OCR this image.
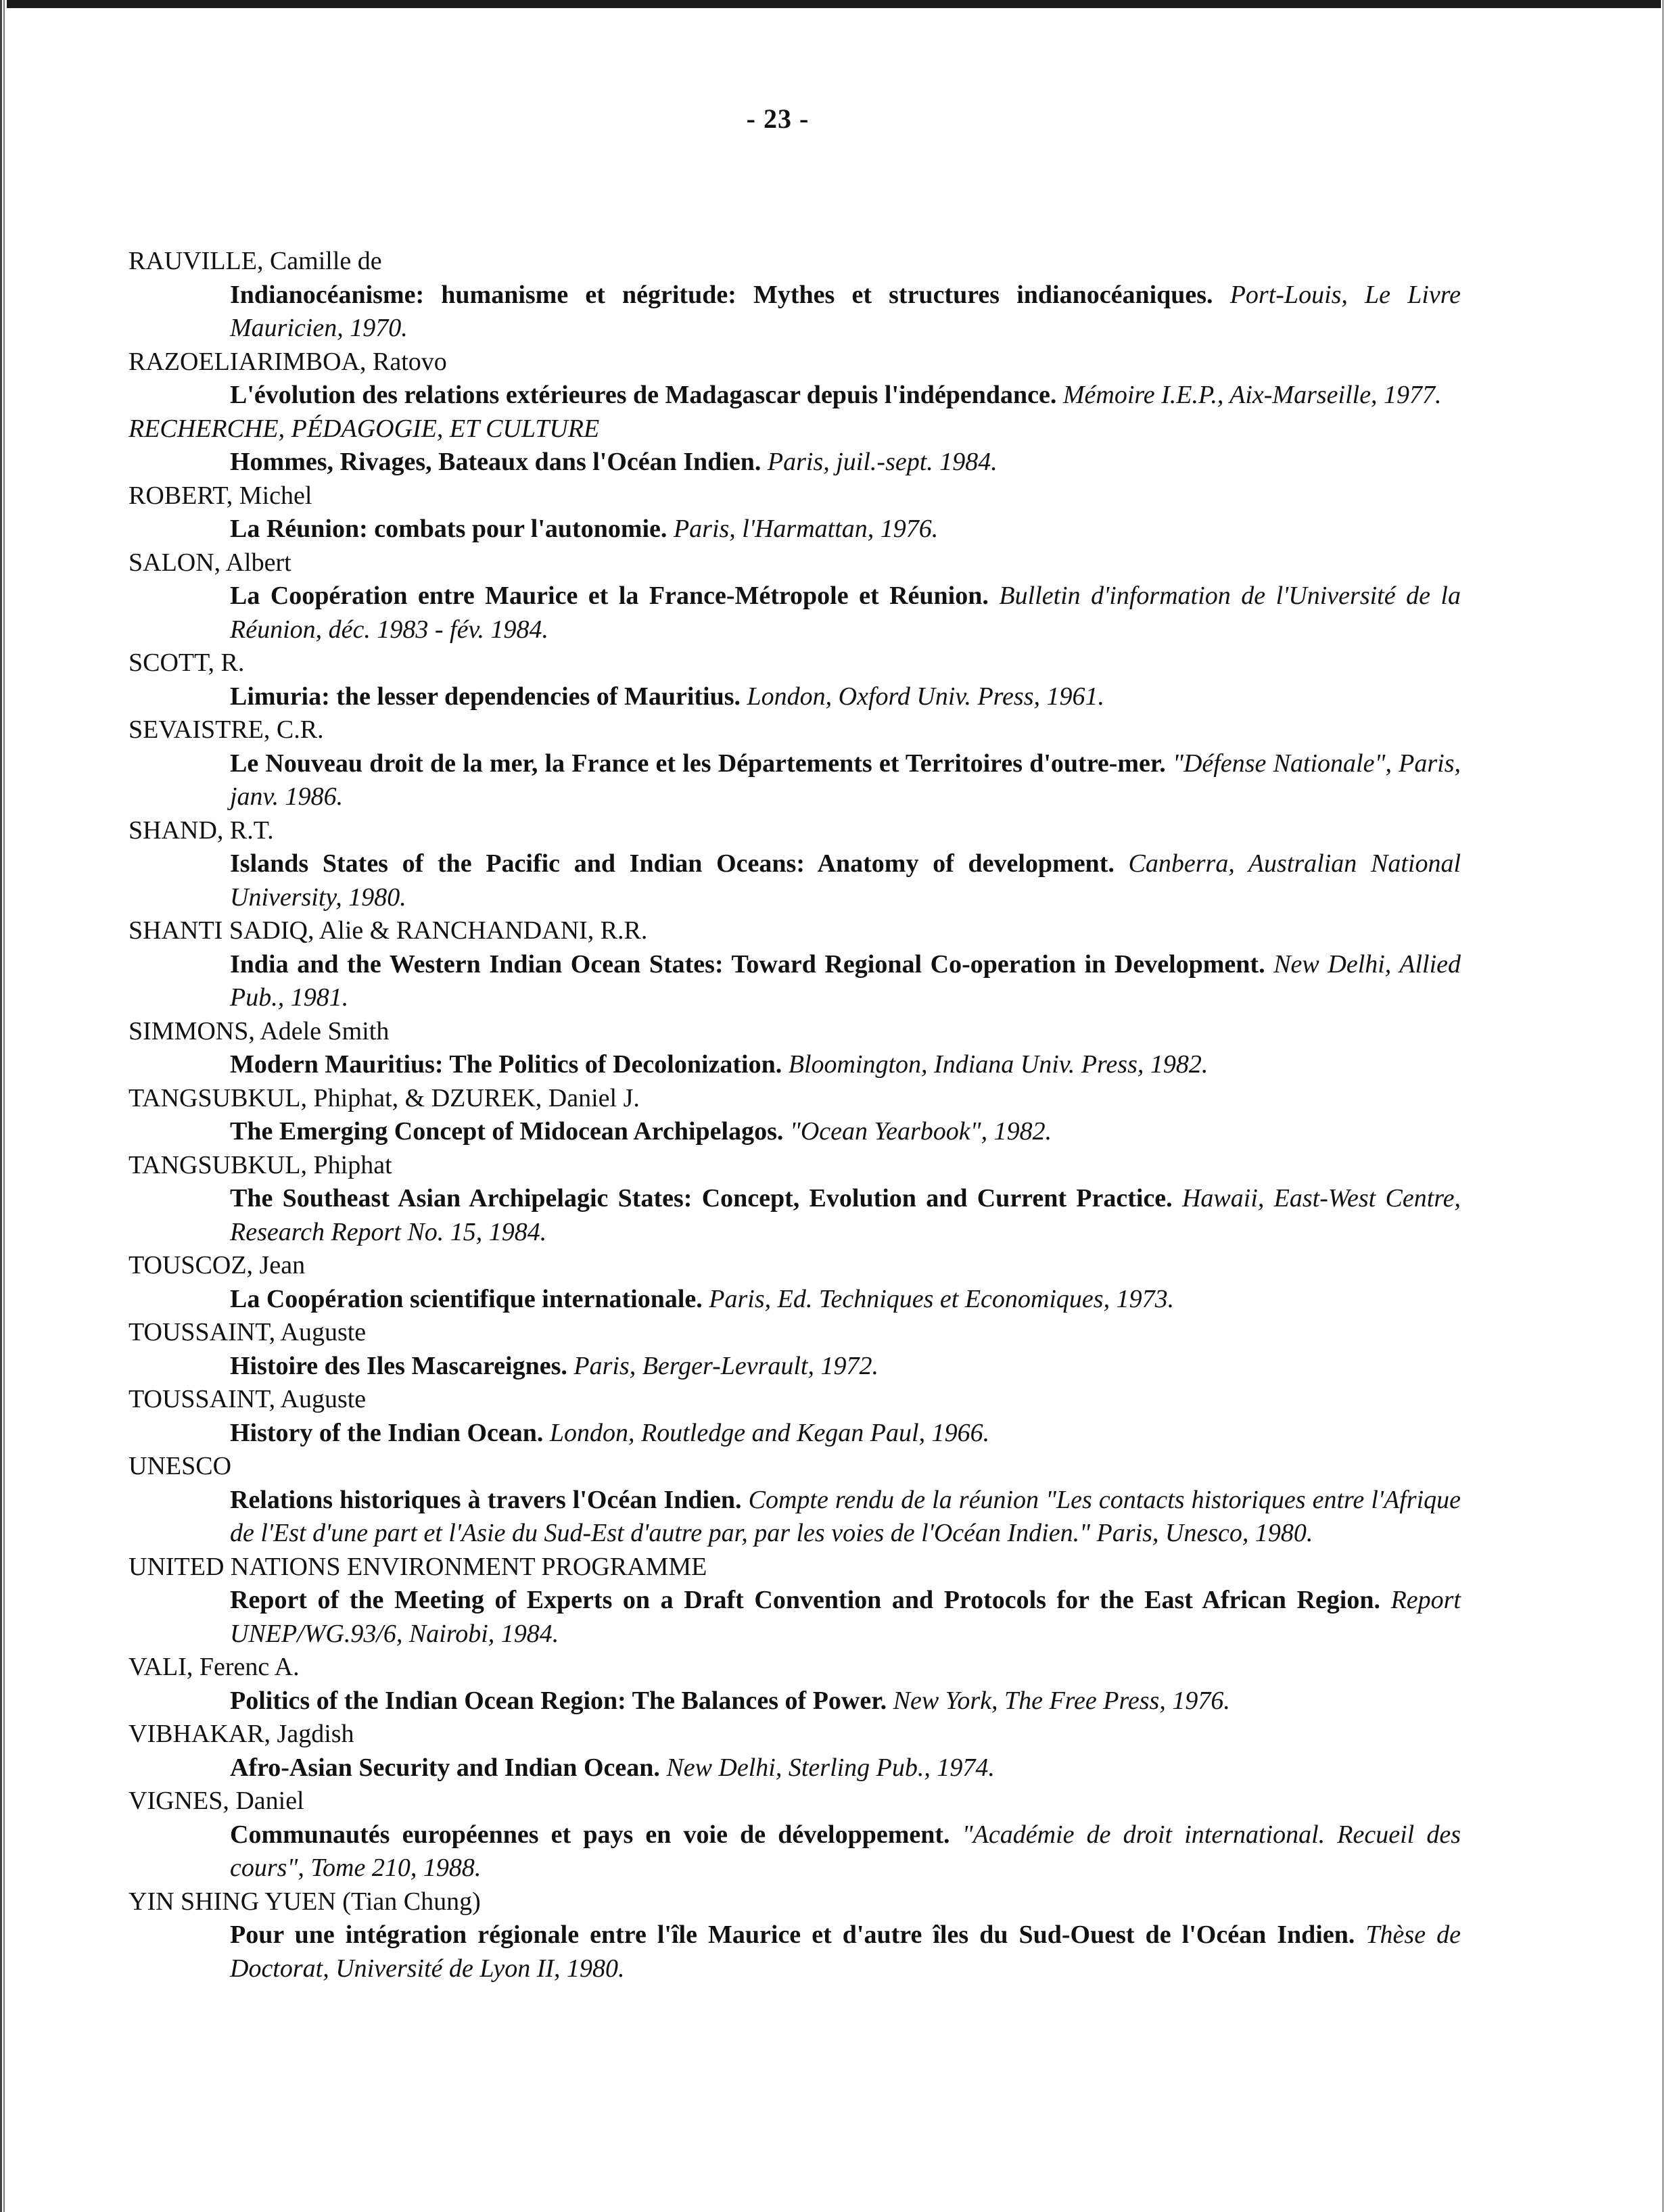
- 23 -
RAUVILLE, Camille de
Indianocéanisme: humanisme et négritude: Mythes et structures indianocéaniques. Port-Louis, Le Livre Mauricien, 1970.
RAZOELIARIMBOA, Ratovo
L'évolution des relations extérieures de Madagascar depuis l'indépendance. Mémoire I.E.P., Aix-Marseille, 1977.
RECHERCHE, PÉDAGOGIE, ET CULTURE
Hommes, Rivages, Bateaux dans l'Océan Indien. Paris, juil.-sept. 1984.
ROBERT, Michel
La Réunion: combats pour l'autonomie. Paris, l'Harmattan, 1976.
SALON, Albert
La Coopération entre Maurice et la France-Métropole et Réunion. Bulletin d'information de l'Université de la Réunion, déc. 1983 - fév. 1984.
SCOTT, R.
Limuria: the lesser dependencies of Mauritius. London, Oxford Univ. Press, 1961.
SEVAISTRE, C.R.
Le Nouveau droit de la mer, la France et les Départements et Territoires d'outre-mer. "Défense Nationale", Paris, janv. 1986.
SHAND, R.T.
Islands States of the Pacific and Indian Oceans: Anatomy of development. Canberra, Australian National University, 1980.
SHANTI SADIQ, Alie & RANCHANDANI, R.R.
India and the Western Indian Ocean States: Toward Regional Co-operation in Development. New Delhi, Allied Pub., 1981.
SIMMONS, Adele Smith
Modern Mauritius: The Politics of Decolonization. Bloomington, Indiana Univ. Press, 1982.
TANGSUBKUL, Phiphat, & DZUREK, Daniel J.
The Emerging Concept of Midocean Archipelagos. "Ocean Yearbook", 1982.
TANGSUBKUL, Phiphat
The Southeast Asian Archipelagic States: Concept, Evolution and Current Practice. Hawaii, East-West Centre, Research Report No. 15, 1984.
TOUSCOZ, Jean
La Coopération scientifique internationale. Paris, Ed. Techniques et Economiques, 1973.
TOUSSAINT, Auguste
Histoire des Iles Mascareignes. Paris, Berger-Levrault, 1972.
TOUSSAINT, Auguste
History of the Indian Ocean. London, Routledge and Kegan Paul, 1966.
UNESCO
Relations historiques à travers l'Océan Indien. Compte rendu de la réunion "Les contacts historiques entre l'Afrique de l'Est d'une part et l'Asie du Sud-Est d'autre par, par les voies de l'Océan Indien." Paris, Unesco, 1980.
UNITED NATIONS ENVIRONMENT PROGRAMME
Report of the Meeting of Experts on a Draft Convention and Protocols for the East African Region. Report UNEP/WG.93/6, Nairobi, 1984.
VALI, Ferenc A.
Politics of the Indian Ocean Region: The Balances of Power. New York, The Free Press, 1976.
VIBHAKAR, Jagdish
Afro-Asian Security and Indian Ocean. New Delhi, Sterling Pub., 1974.
VIGNES, Daniel
Communautés européennes et pays en voie de développement. "Académie de droit international. Recueil des cours", Tome 210, 1988.
YIN SHING YUEN (Tian Chung)
Pour une intégration régionale entre l'île Maurice et d'autre îles du Sud-Ouest de l'Océan Indien. Thèse de Doctorat, Université de Lyon II, 1980.
